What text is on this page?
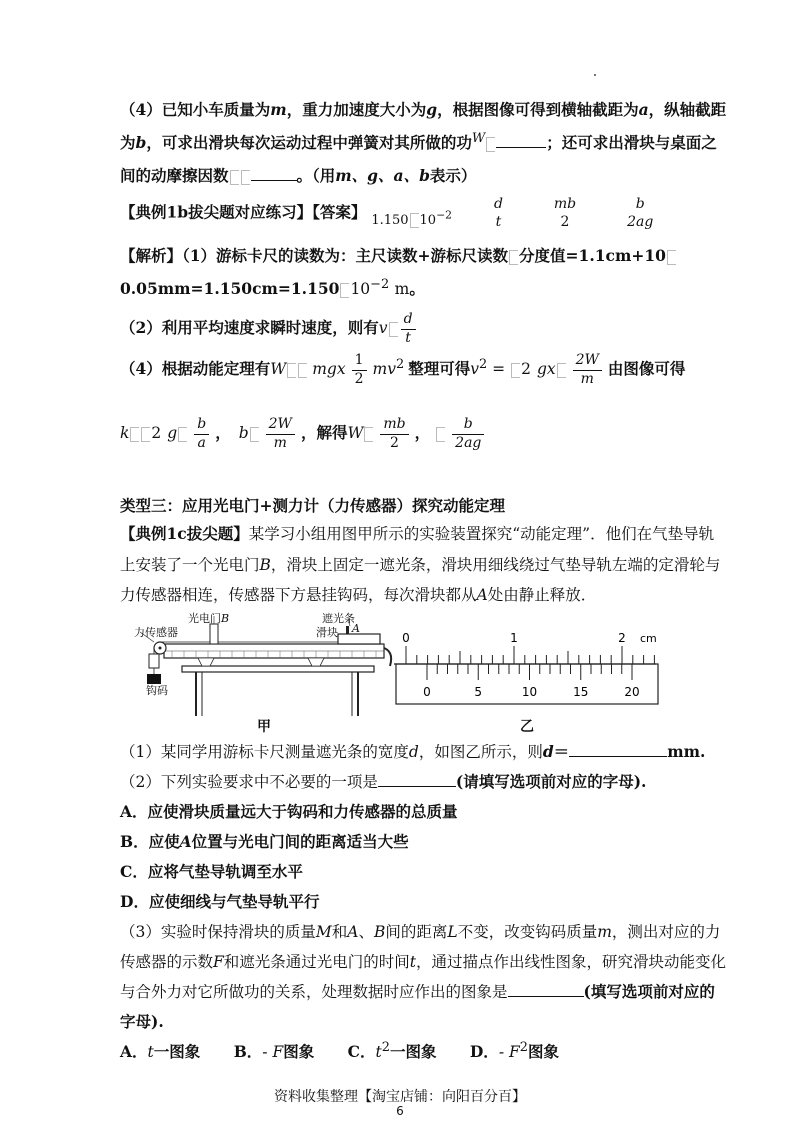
（4）已知小车质量为m，重力加速度大小为g，根据图像可得到横轴截距为a，纵轴截距
为b，可求出滑块每次运动过程中弹簧对其所做的功$^W$	；还可求出滑块与桌面之
间的动摩擦因数	。（用m、g、a、b表示）
【典例1b拔尖题对应练习】【答案】 $_{1.150 10^{-2}}$
d
t

mb
2

b
2ag
【解析】（1）游标卡尺的读数为：主尺读数+游标尺读数 分度值=1.1cm+10
0.05mm=1.150cm=1.150 $10^{-2}$ m。
（2）利用平均速度求瞬时速度，则有v $\frac{d}{t}$
（4）根据动能定理有W mgx $\frac{1}{2} mv^2$ 整理可得$v^2 = 2$ gx $\frac{2W}{m}$ 由图像可得
k 2 g $\frac{b}{a}$ ， b $\frac{2W}{m}$ ，解得W $\frac{mb}{2}$ ， $\frac{b}{2ag}$
类型三：应用光电门+测力计（力传感器）探究动能定理
【典例1c拔尖题】某学习小组用图甲所示的实验装置探究“动能定理”．他们在气垫导轨
上安装了一个光电门B，滑块上固定一遮光条，滑块用细线绕过气垫导轨左端的定滑轮与
力传感器相连，传感器下方悬挂钩码，每次滑块都从A处由静止释放．
力传感器
光电门B	遮光条
滑块 A
钩码
甲
0	1	2 cm
0	5	10	15	20
乙
（1）某同学用游标卡尺测量遮光条的宽度d，如图乙所示，则d＝	mm.
（2）下列实验要求中不必要的一项是	(请填写选项前对应的字母).
A．应使滑块质量远大于钩码和力传感器的总质量
B．应使A位置与光电门间的距离适当大些
C．应将气垫导轨调至水平
D．应使细线与气垫导轨平行
（3）实验时保持滑块的质量M和A、B间的距离L不变，改变钩码质量m，测出对应的力
传感器的示数F和遮光条通过光电门的时间t，通过描点作出线性图象，研究滑块动能变化
与合外力对它所做功的关系，处理数据时应作出的图象是	(填写选项前对应的
字母).
A．t一图象 B．- F图象 C．$t^2$一图象 D．- $F^2$图象
资料收集整理【淘宝店铺：向阳百分百】
6
